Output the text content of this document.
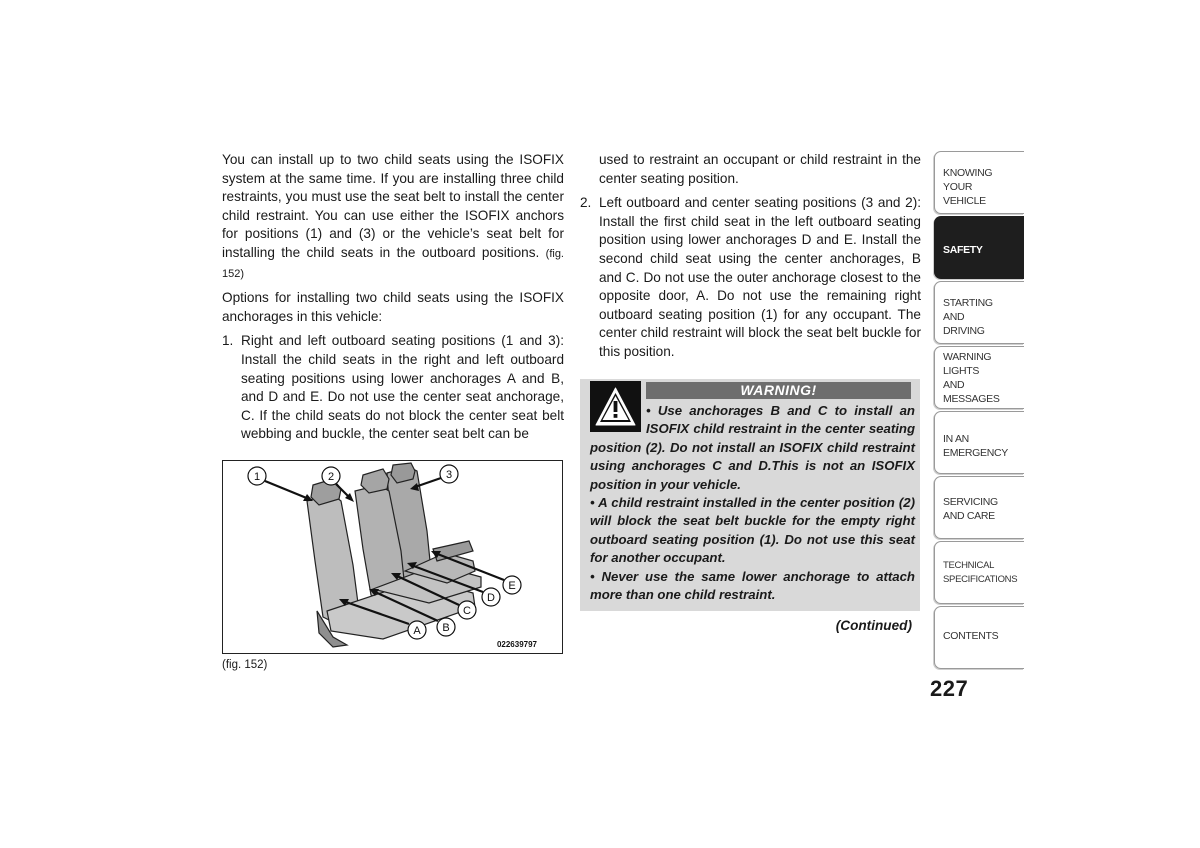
You can install up to two child seats using the ISOFIX system at the same time. If you are installing three child restraints, you must use the seat belt to install the center child restraint. You can use either the ISOFIX anchors for positions (1) and (3) or the vehicle’s seat belt for installing the child seats in the outboard positions. (fig. 152)

Options for installing two child seats using the ISOFIX anchorages in this vehicle:

1. Right and left outboard seating positions (1 and 3): Install the child seats in the right and left outboard seating positions using lower anchorages A and B, and D and E. Do not use the center seat anchorage, C. If the child seats do not block the center seat belt webbing and buckle, the center seat belt can be
1	2	3
A B
C
D
E
022639797
(fig. 152)

used to restraint an occupant or child restraint in the center seating position.

2. Left outboard and center seating positions (3 and 2): Install the first child seat in the left outboard seating position using lower anchorages D and E. Install the second child seat using the center anchorages, B and C. Do not use the outer anchorage closest to the opposite door, A. Do not use the remaining right outboard seating position (1) for any occupant. The center child restraint will block the seat belt buckle for this position.
WARNING!

• Use anchorages B and C to install an ISOFIX child restraint in the center seating position (2). Do not install an ISOFIX child restraint using anchorages C and D.This is not an ISOFIX position in your vehicle.

• A child restraint installed in the center position (2) will block the seat belt buckle for the empty right outboard seating position (1). Do not use this seat for another occupant.

• Never use the same lower anchorage to attach more than one child restraint.

(Continued)
KNOWING YOUR VEHICLE
SAFETY
STARTING AND DRIVING
WARNING LIGHTS AND MESSAGES
IN AN EMERGENCY
SERVICING AND CARE
TECHNICAL SPECIFICATIONS
CONTENTS
227
